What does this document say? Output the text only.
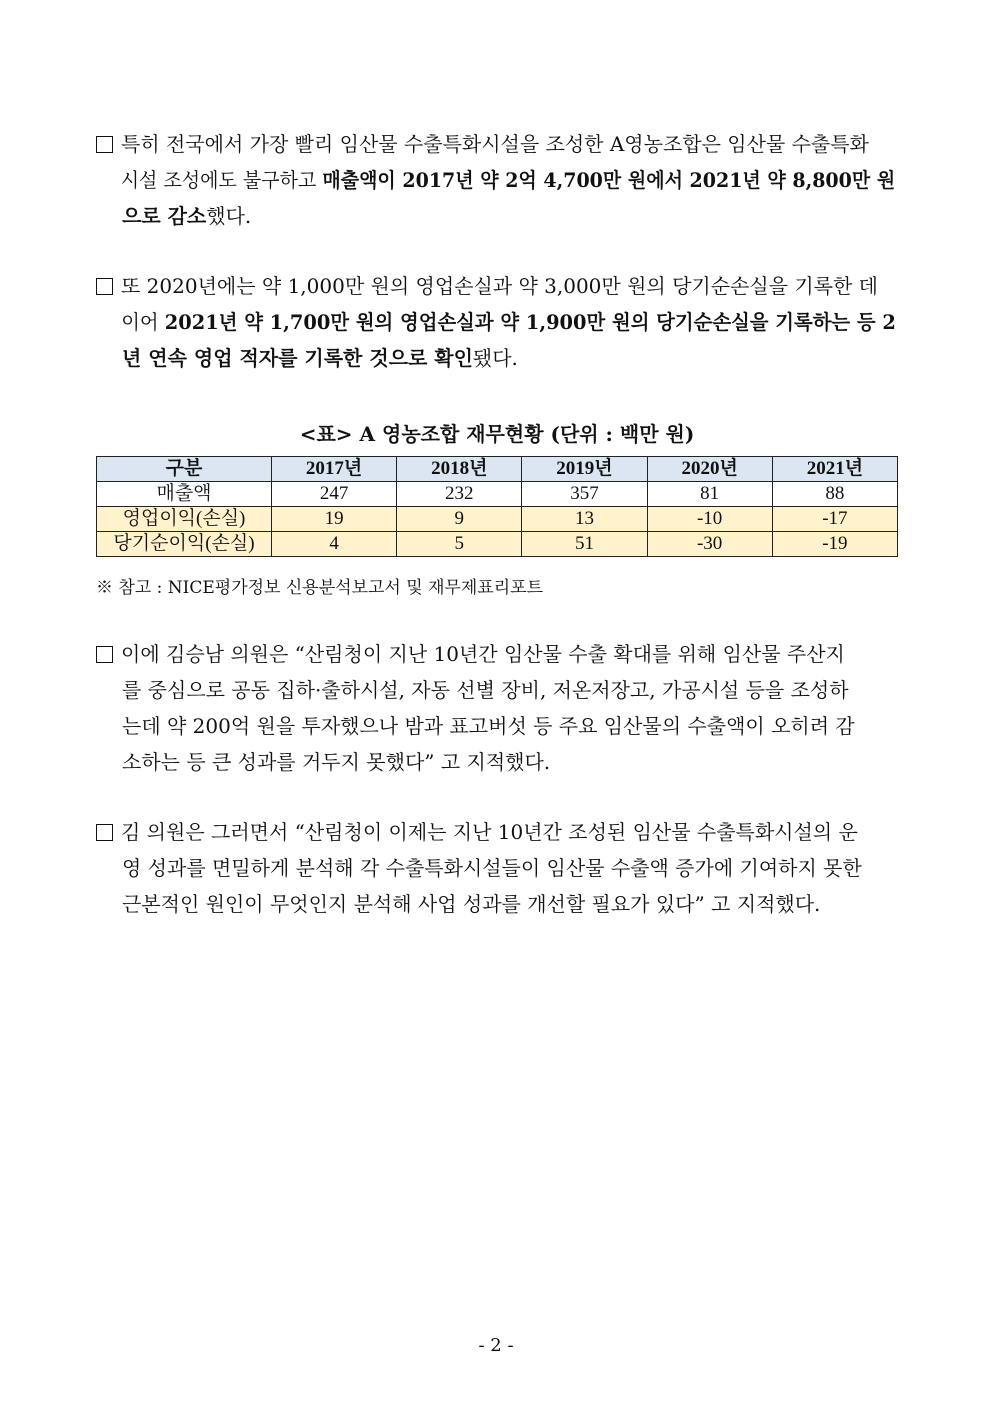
특히 전국에서 가장 빨리 임산물 수출특화시설을 조성한 A영농조합은 임산물 수출특화
시설 조성에도 불구하고 매출액이 2017년 약 2억 4,700만 원에서 2021년 약 8,800만 원
으로 감소했다.
또 2020년에는 약 1,000만 원의 영업손실과 약 3,000만 원의 당기순손실을 기록한 데
이어 2021년 약 1,700만 원의 영업손실과 약 1,900만 원의 당기순손실을 기록하는 등 2
년 연속 영업 적자를 기록한 것으로 확인됐다.
<표> A 영농조합 재무현황 (단위 : 백만 원)
구분	2017년	2018년	2019년	2020년	2021년
매출액	247	232	357	81	88
영업이익(손실)	19	9	13	-10	-17
당기순이익(손실)	4	5	51	-30	-19
※ 참고 : NICE평가정보 신용분석보고서 및 재무제표리포트
이에 김승남 의원은 “산림청이 지난 10년간 임산물 수출 확대를 위해 임산물 주산지
를 중심으로 공동 집하·출하시설, 자동 선별 장비, 저온저장고, 가공시설 등을 조성하
는데 약 200억 원을 투자했으나 밤과 표고버섯 등 주요 임산물의 수출액이 오히려 감
소하는 등 큰 성과를 거두지 못했다” 고 지적했다.
김 의원은 그러면서 “산림청이 이제는 지난 10년간 조성된 임산물 수출특화시설의 운
영 성과를 면밀하게 분석해 각 수출특화시설들이 임산물 수출액 증가에 기여하지 못한
근본적인 원인이 무엇인지 분석해 사업 성과를 개선할 필요가 있다” 고 지적했다.
- 2 -
